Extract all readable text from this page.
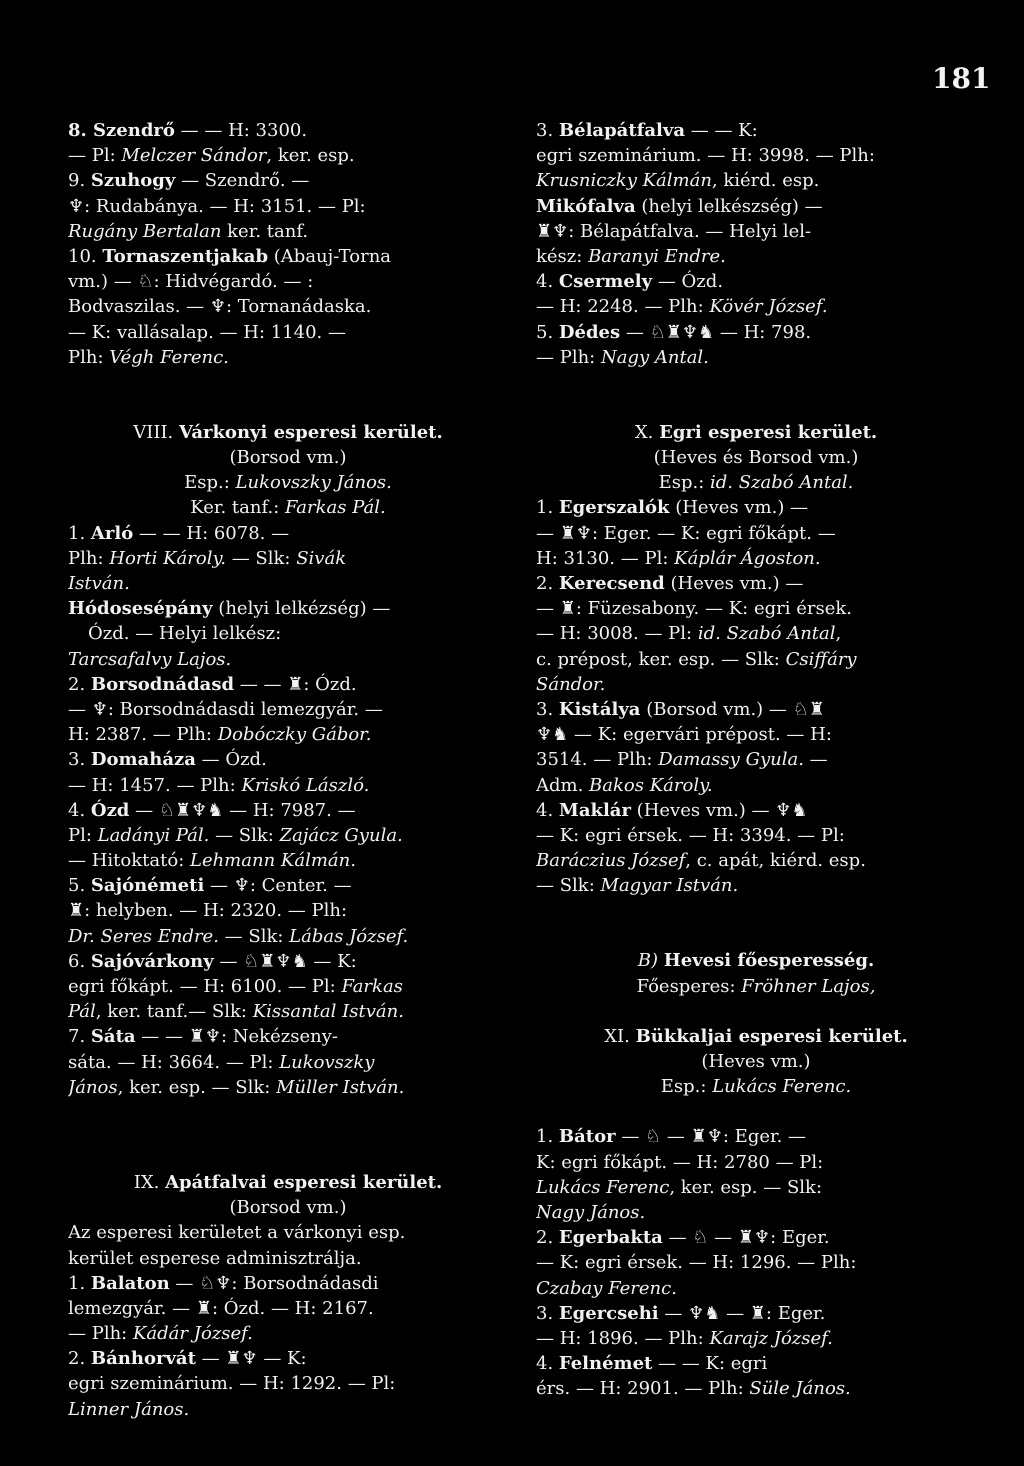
181
8. Szendrő — — H: 3300.
— Pl: Melczer Sándor, ker. esp.
9. Szuhogy — Szendrő. —
♆: Rudabánya. — H: 3151. — Pl:
Rugány Bertalan ker. tanf.
10. Tornaszentjakab (Abauj-Torna
vm.) — ♘: Hidvégardó. — :
Bodvaszilas. — ♆: Tornanádaska.
— K: vallásalap. — H: 1140. —
Plh: Végh Ferenc.
VIII. Várkonyi esperesi kerület.
(Borsod vm.)
Esp.: Lukovszky János.
Ker. tanf.: Farkas Pál.
1. Arló — — H: 6078. —
Plh: Horti Károly. — Slk: Sivák
István.
Hódosesépány (helyi lelkézség) —
Ózd. — Helyi lelkész:
Tarcsafalvy Lajos.
2. Borsodnádasd — — ♜: Ózd.
— ♆: Borsodnádasdi lemezgyár. —
H: 2387. — Plh: Dobóczky Gábor.
3. Domaháza — Ózd.
— H: 1457. — Plh: Kriskó László.
4. Ózd — ♘♜♆♞ — H: 7987. —
Pl: Ladányi Pál. — Slk: Zajácz Gyula.
— Hitoktató: Lehmann Kálmán.
5. Sajónémeti — ♆: Center. —
♜: helyben. — H: 2320. — Plh:
Dr. Seres Endre. — Slk: Lábas József.
6. Sajóvárkony — ♘♜♆♞ — K:
egri főkápt. — H: 6100. — Pl: Farkas
Pál, ker. tanf.— Slk: Kissantal István.
7. Sáta — — ♜♆: Nekézseny-
sáta. — H: 3664. — Pl: Lukovszky
János, ker. esp. — Slk: Müller István.
IX. Apátfalvai esperesi kerület.
(Borsod vm.)
Az esperesi kerületet a várkonyi esp.
kerület esperese adminisztrálja.
1. Balaton — ♘♆: Borsodnádasdi
lemezgyár. — ♜: Ózd. — H: 2167.
— Plh: Kádár József.
2. Bánhorvát — ♜♆ — K:
egri szeminárium. — H: 1292. — Pl:
Linner János.
3. Bélapátfalva — — K:
egri szeminárium. — H: 3998. — Plh:
Krusniczky Kálmán, kiérd. esp.
Mikófalva (helyi lelkészség) —
♜♆: Bélapátfalva. — Helyi lel-
kész: Baranyi Endre.
4. Csermely — Ózd.
— H: 2248. — Plh: Kövér József.
5. Dédes — ♘♜♆♞ — H: 798.
— Plh: Nagy Antal.
X. Egri esperesi kerület.
(Heves és Borsod vm.)
Esp.: id. Szabó Antal.
1. Egerszalók (Heves vm.) —
— ♜♆: Eger. — K: egri főkápt. —
H: 3130. — Pl: Káplár Ágoston.
2. Kerecsend (Heves vm.) —
— ♜: Füzesabony. — K: egri érsek.
— H: 3008. — Pl: id. Szabó Antal,
c. prépost, ker. esp. — Slk: Csiffáry
Sándor.
3. Kistálya (Borsod vm.) — ♘♜
♆♞ — K: egervári prépost. — H:
3514. — Plh: Damassy Gyula. —
Adm. Bakos Károly.
4. Maklár (Heves vm.) — ♆♞
— K: egri érsek. — H: 3394. — Pl:
Baráczius József, c. apát, kiérd. esp.
— Slk: Magyar István.
B) Hevesi főesperesség.
Főesperes: Fröhner Lajos,
XI. Bükkaljai esperesi kerület.
(Heves vm.)
Esp.: Lukács Ferenc.
1. Bátor — ♘ — ♜♆: Eger. —
K: egri főkápt. — H: 2780 — Pl:
Lukács Ferenc, ker. esp. — Slk:
Nagy János.
2. Egerbakta — ♘ — ♜♆: Eger.
— K: egri érsek. — H: 1296. — Plh:
Czabay Ferenc.
3. Egercsehi — ♆♞ — ♜: Eger.
— H: 1896. — Plh: Karajz József.
4. Felnémet — — K: egri
érs. — H: 2901. — Plh: Süle János.
